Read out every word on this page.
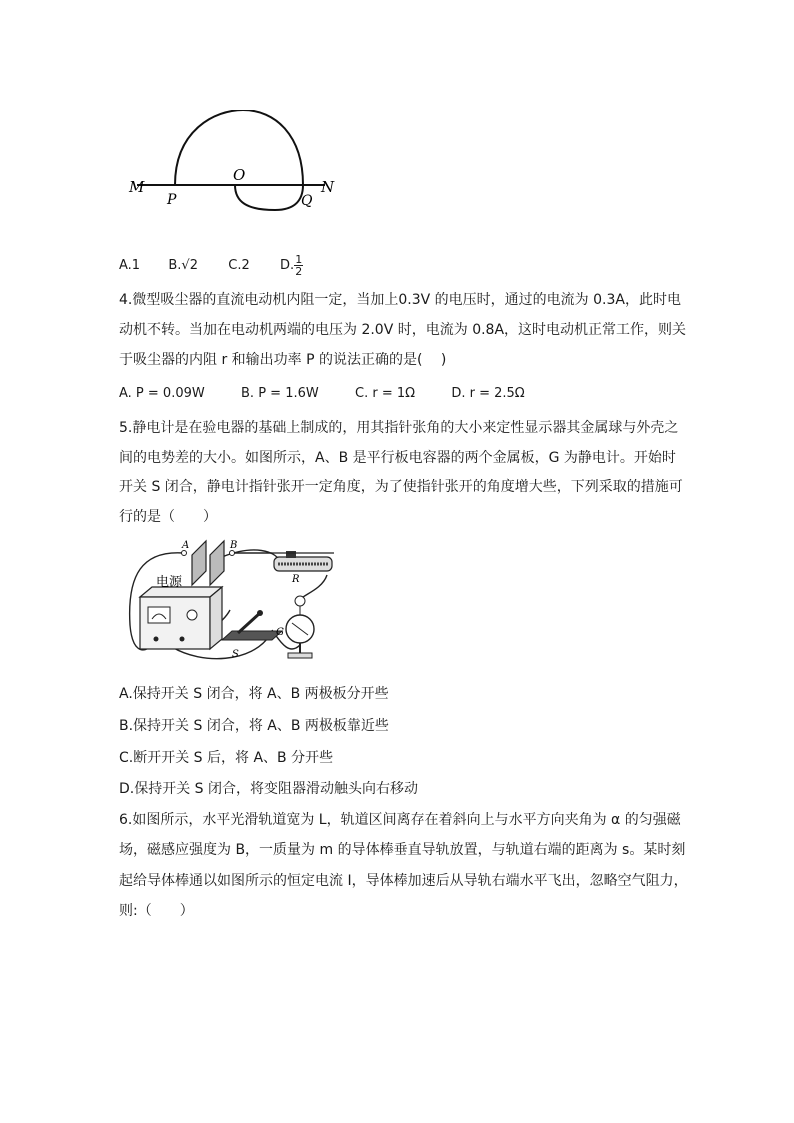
M
P
O
Q
N
A.1 B.√2 C.2 D. $\frac{1}{2}$
4.微型吸尘器的直流电动机内阻一定，当加上0.3V 的电压时，通过的电流为 0.3A，此时电
动机不转。当加在电动机两端的电压为 2.0V 时，电流为 0.8A，这时电动机正常工作，则关
于吸尘器的内阻 r 和输出功率 P 的说法正确的是(　 )
A. P = 0.09W	B. P = 1.6W	C. r = 1Ω	D. r = 2.5Ω
5.静电计是在验电器的基础上制成的，用其指针张角的大小来定性显示器其金属球与外壳之
间的电势差的大小。如图所示，A、B 是平行板电容器的两个金属板，G 为静电计。开始时
开关 S 闭合，静电计指针张开一定角度，为了使指针张开的角度增大些，下列采取的措施可
行的是（　　）
A	B
R
电源
S
G
A.保持开关 S 闭合，将 A、B 两极板分开些
B.保持开关 S 闭合，将 A、B 两极板靠近些
C.断开开关 S 后，将 A、B 分开些
D.保持开关 S 闭合，将变阻器滑动触头向右移动
6.如图所示，水平光滑轨道宽为 L，轨道区间离存在着斜向上与水平方向夹角为 α 的匀强磁
场，磁感应强度为 B，一质量为 m 的导体棒垂直导轨放置，与轨道右端的距离为 s。某时刻
起给导体棒通以如图所示的恒定电流 I，导体棒加速后从导轨右端水平飞出，忽略空气阻力，
则:（　　）
